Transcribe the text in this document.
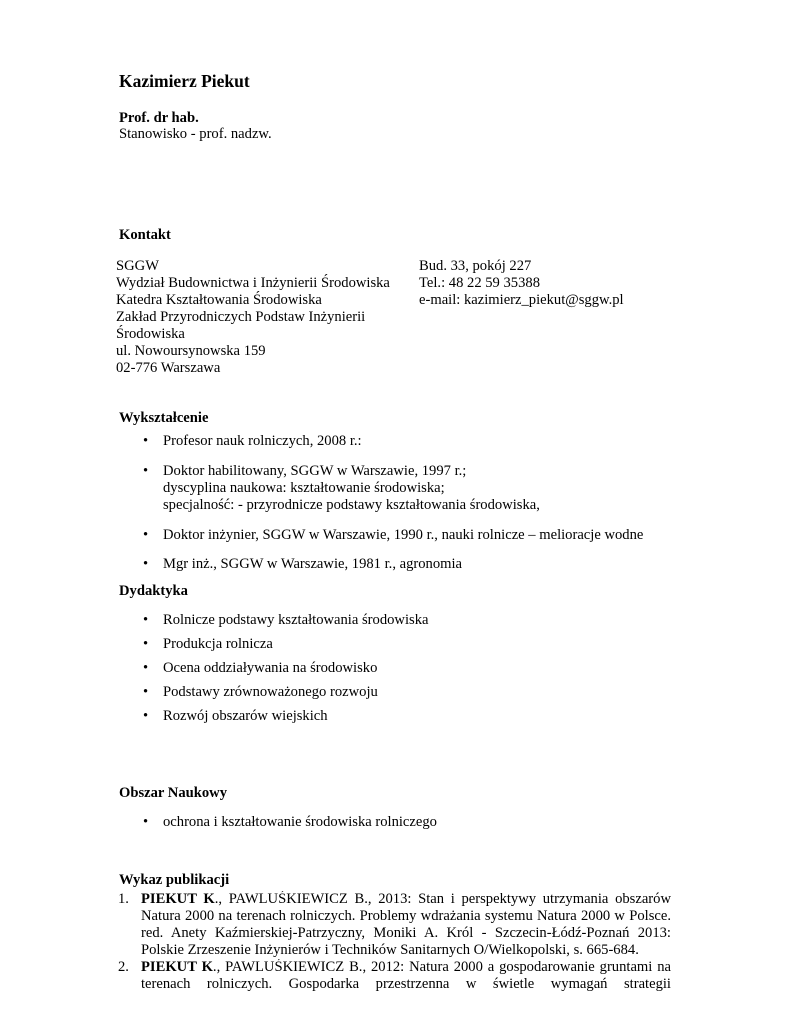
Kazimierz Piekut
Prof. dr hab.
Stanowisko - prof. nadzw.
Kontakt
SGGW
Wydział Budownictwa i Inżynierii Środowiska
Katedra Kształtowania Środowiska
Zakład Przyrodniczych Podstaw Inżynierii
Środowiska
ul. Nowoursynowska 159
02-776 Warszawa
Bud. 33, pokój 227
Tel.: 48 22 59 35388
e-mail: kazimierz_piekut@sggw.pl
Wykształcenie
• Profesor nauk rolniczych, 2008 r.:
• Doktor habilitowany, SGGW w Warszawie, 1997 r.;
dyscyplina naukowa: kształtowanie środowiska;
specjalność: - przyrodnicze podstawy kształtowania środowiska,
• Doktor inżynier, SGGW w Warszawie, 1990 r., nauki rolnicze – melioracje wodne
• Mgr inż., SGGW w Warszawie, 1981 r., agronomia
Dydaktyka
• Rolnicze podstawy kształtowania środowiska
• Produkcja rolnicza
• Ocena oddziaływania na środowisko
• Podstawy zrównoważonego rozwoju
• Rozwój obszarów wiejskich
Obszar Naukowy
• ochrona i kształtowanie środowiska rolniczego
Wykaz publikacji
1. PIEKUT K., PAWLUŚKIEWICZ B., 2013: Stan i perspektywy utrzymania obszarów
Natura 2000 na terenach rolniczych. Problemy wdrażania systemu Natura 2000 w Polsce.
red. Anety Kaźmierskiej-Patrzyczny, Moniki A. Król - Szczecin-Łódź-Poznań 2013:
Polskie Zrzeszenie Inżynierów i Techników Sanitarnych O/Wielkopolski, s. 665-684.
2. PIEKUT K., PAWLUŚKIEWICZ B., 2012: Natura 2000 a gospodarowanie gruntami na
terenach rolniczych. Gospodarka przestrzenna w świetle wymagań strategii
